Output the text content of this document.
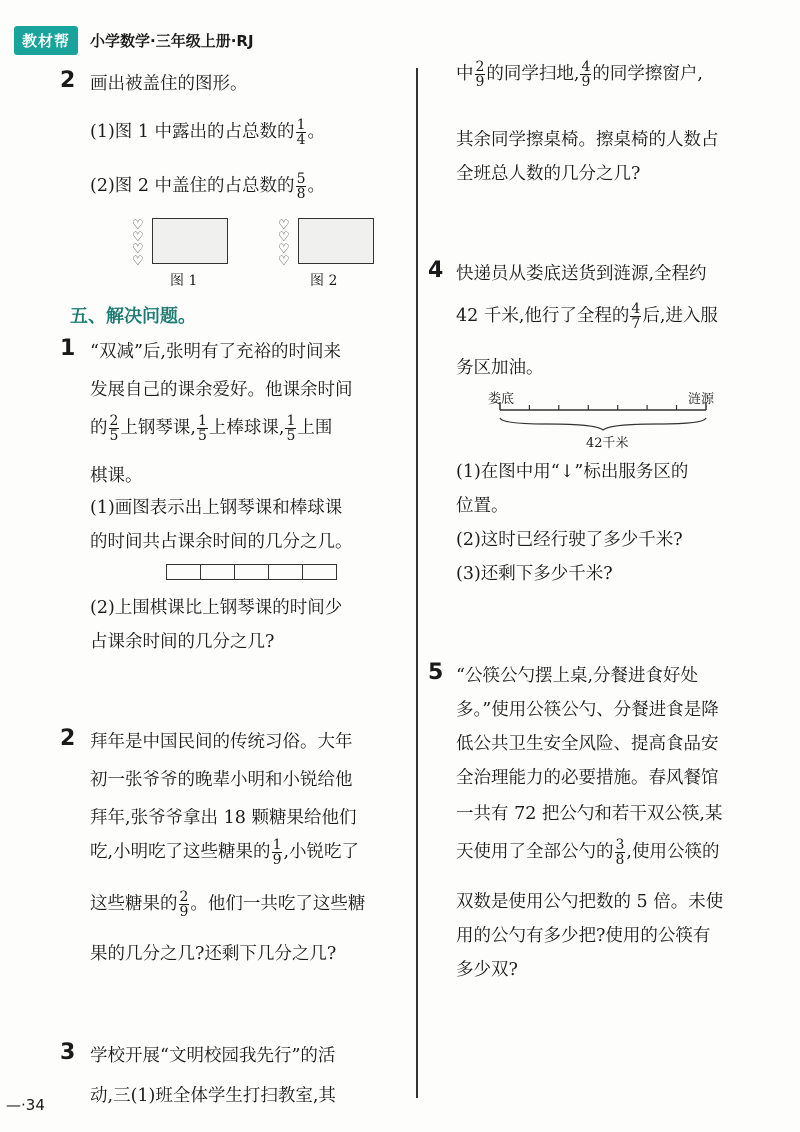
教材帮	小学数学·三年级上册·RJ
2 画出被盖住的图形。
(1)图 1 中露出的占总数的 $\frac{1}{4}$ 。
(2)图 2 中盖住的占总数的 $\frac{5}{8}$ 。
♡
♡
♡
♡
图 1
♡
♡
♡
♡
图 2
五、解决问题。
1 “双减”后,张明有了充裕的时间来
发展自己的课余爱好。他课余时间
的 $\frac{2}{5}$ 上钢琴课, $\frac{1}{5}$ 上棒球课, $\frac{1}{5}$ 上围
棋课。
(1)画图表示出上钢琴课和棒球课
的时间共占课余时间的几分之几。
(2)上围棋课比上钢琴课的时间少
占课余时间的几分之几?
2 拜年是中国民间的传统习俗。大年
初一张爷爷的晚辈小明和小锐给他
拜年,张爷爷拿出 18 颗糖果给他们
吃,小明吃了这些糖果的 $\frac{1}{9}$ ,小锐吃了
这些糖果的 $\frac{2}{9}$ 。他们一共吃了这些糖
果的几分之几?还剩下几分之几?
3 学校开展“文明校园我先行”的活
动,三(1)班全体学生打扫教室,其
中 $\frac{2}{9}$ 的同学扫地, $\frac{4}{9}$ 的同学擦窗户,
其余同学擦桌椅。擦桌椅的人数占
全班总人数的几分之几?
4 快递员从娄底送货到涟源,全程约
42 千米,他行了全程的 $\frac{4}{7}$ 后,进入服
务区加油。
娄底	涟源
42千米
(1)在图中用“↓”标出服务区的
位置。
(2)这时已经行驶了多少千米?
(3)还剩下多少千米?
5 “公筷公勺摆上桌,分餐进食好处
多。”使用公筷公勺、分餐进食是降
低公共卫生安全风险、提高食品安
全治理能力的必要措施。春风餐馆
一共有 72 把公勺和若干双公筷,某
天使用了全部公勺的 $\frac{3}{8}$ ,使用公筷的
双数是使用公勺把数的 5 倍。未使
用的公勺有多少把?使用的公筷有
多少双?
—·34
